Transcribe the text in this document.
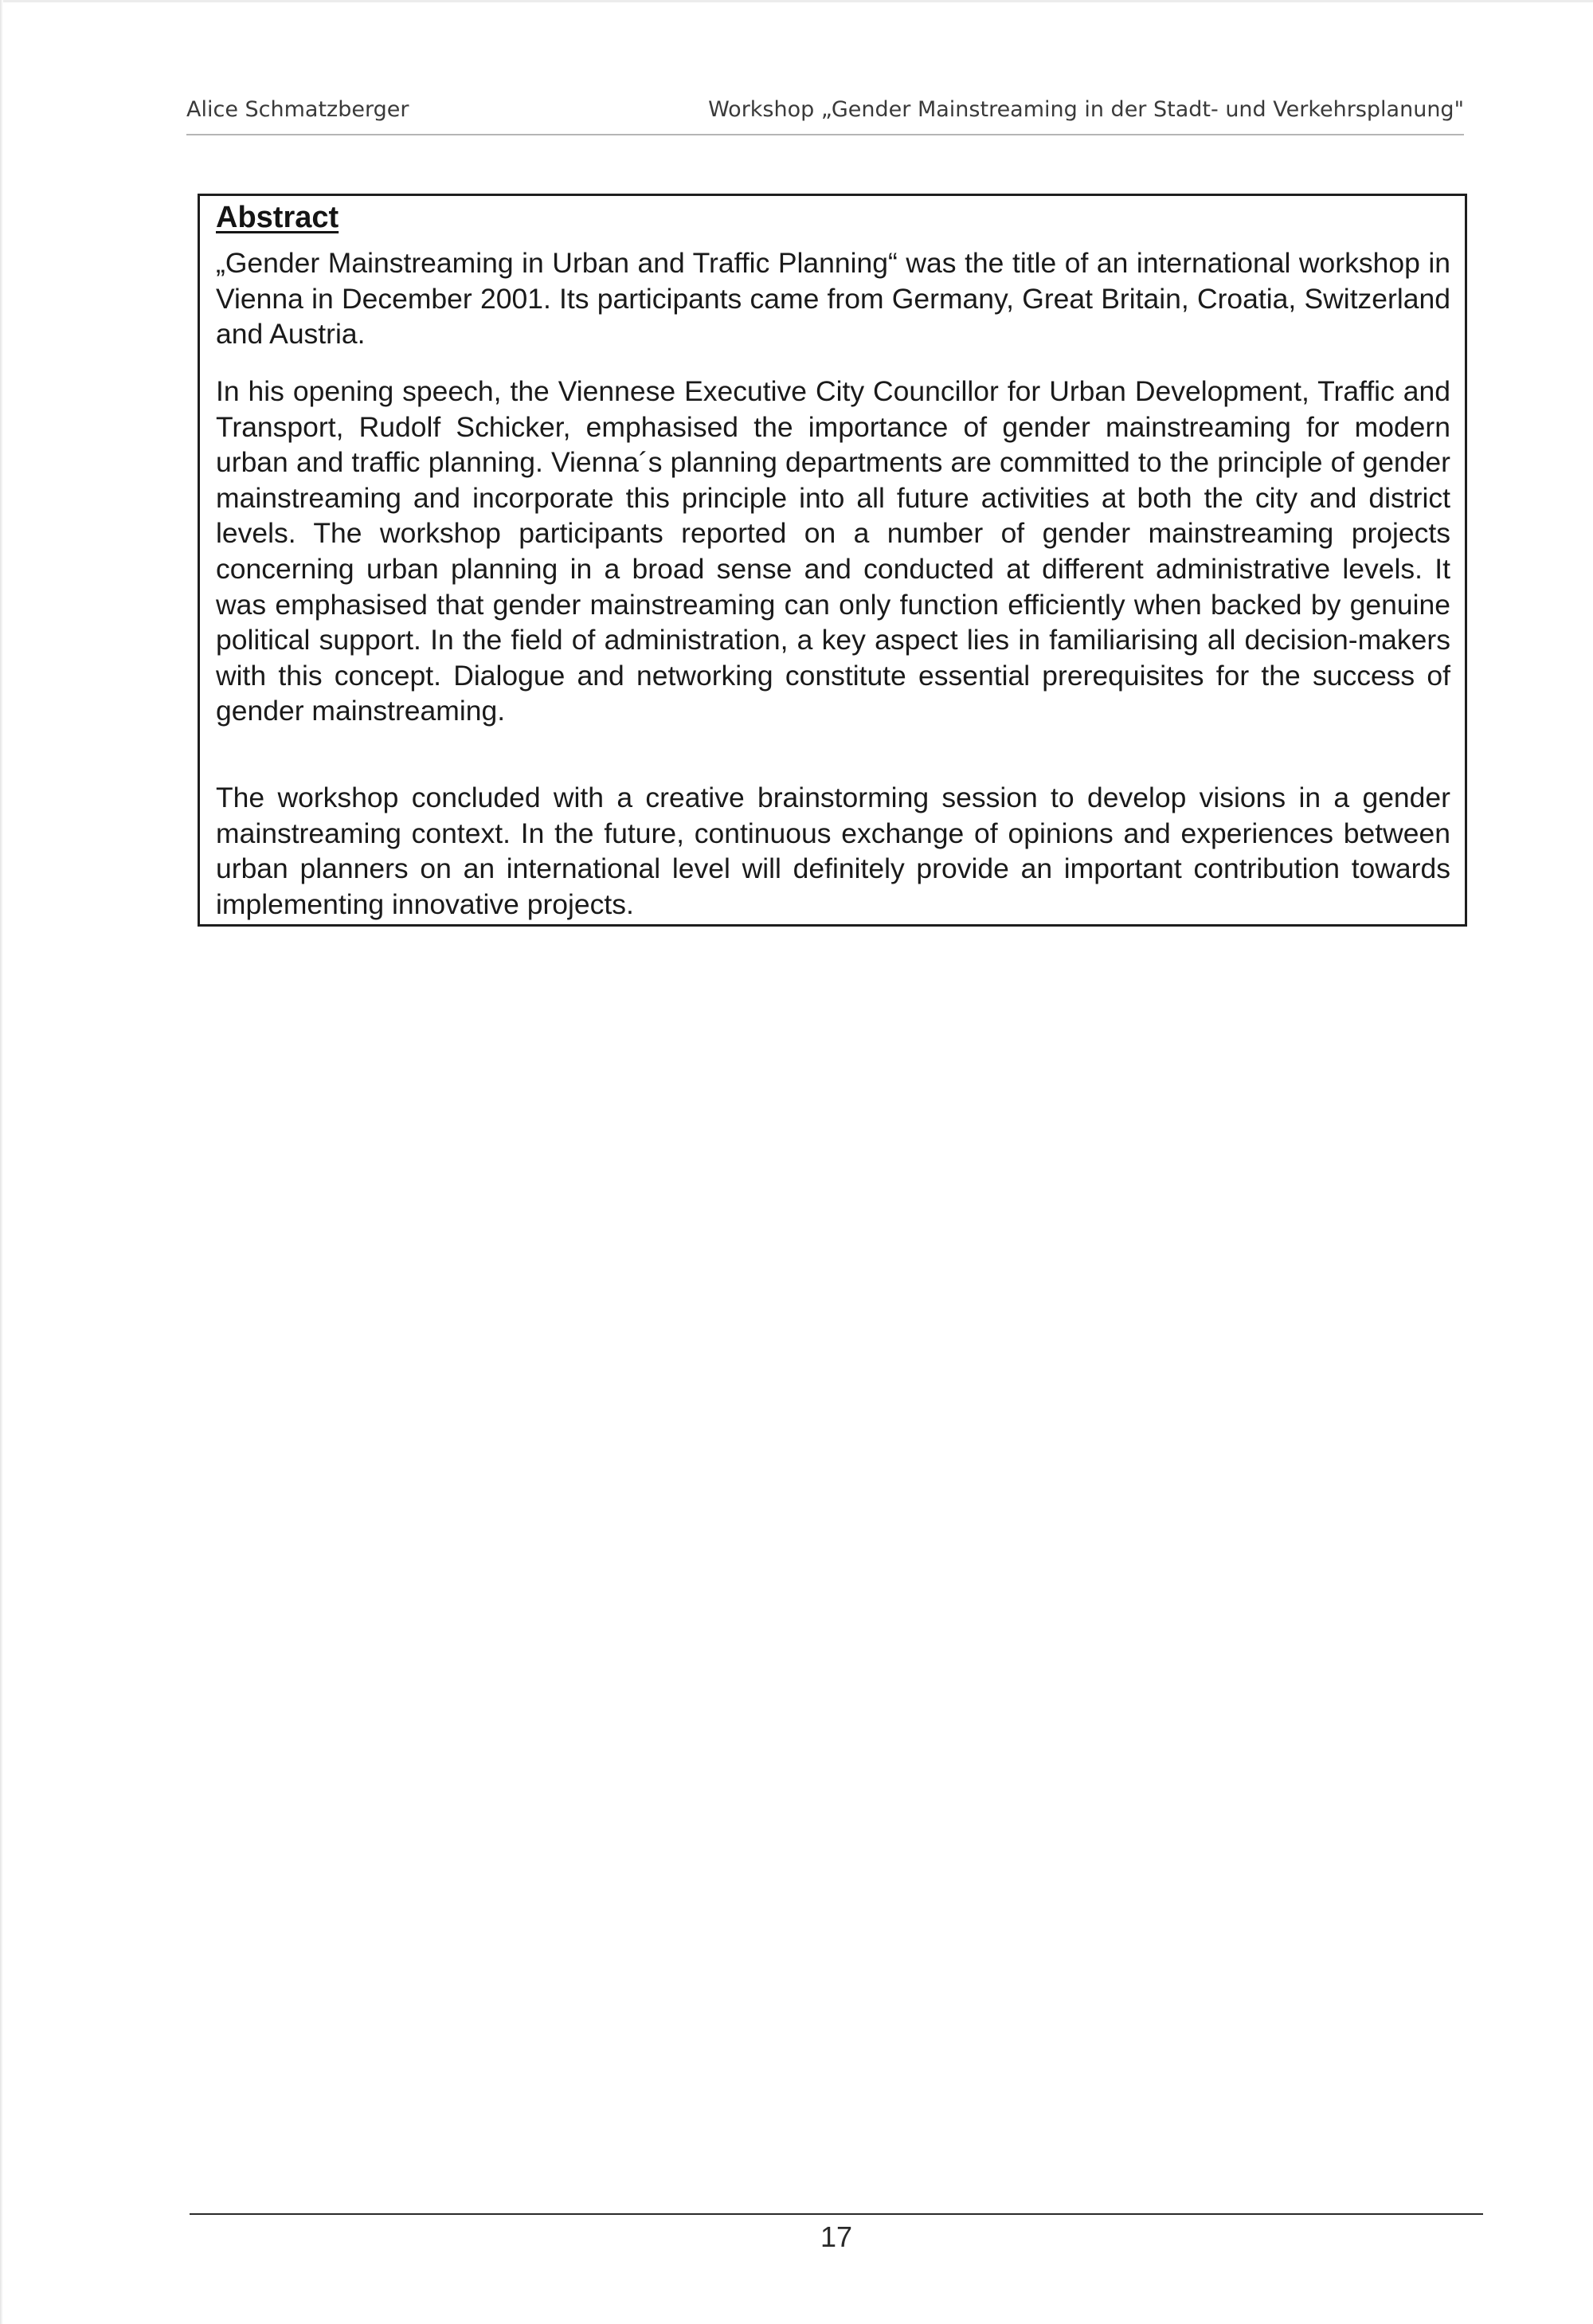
Alice Schmatzberger	Workshop „Gender Mainstreaming in der Stadt- und Verkehrsplanung"
Abstract

„Gender Mainstreaming in Urban and Traffic Planning“ was the title of an international workshop in Vienna in December 2001. Its participants came from Germany, Great Britain, Croatia, Switzerland and Austria.

In his opening speech, the Viennese Executive City Councillor for Urban Development, Traffic and Transport, Rudolf Schicker, emphasised the importance of gender mainstreaming for modern urban and traffic planning. Vienna´s planning departments are committed to the principle of gender mainstreaming and incorporate this principle into all future activities at both the city and district levels. The workshop participants reported on a number of gender mainstreaming projects concerning urban planning in a broad sense and conducted at different administrative levels. It was emphasised that gender mainstreaming can only function efficiently when backed by genuine political support. In the field of administration, a key aspect lies in familiarising all decision-makers with this concept. Dialogue and networking constitute essential prerequisites for the success of gender mainstreaming.

The workshop concluded with a creative brainstorming session to develop visions in a gender mainstreaming context. In the future, continuous exchange of opinions and experiences between urban planners on an international level will definitely provide an important contribution towards implementing innovative projects.

17
